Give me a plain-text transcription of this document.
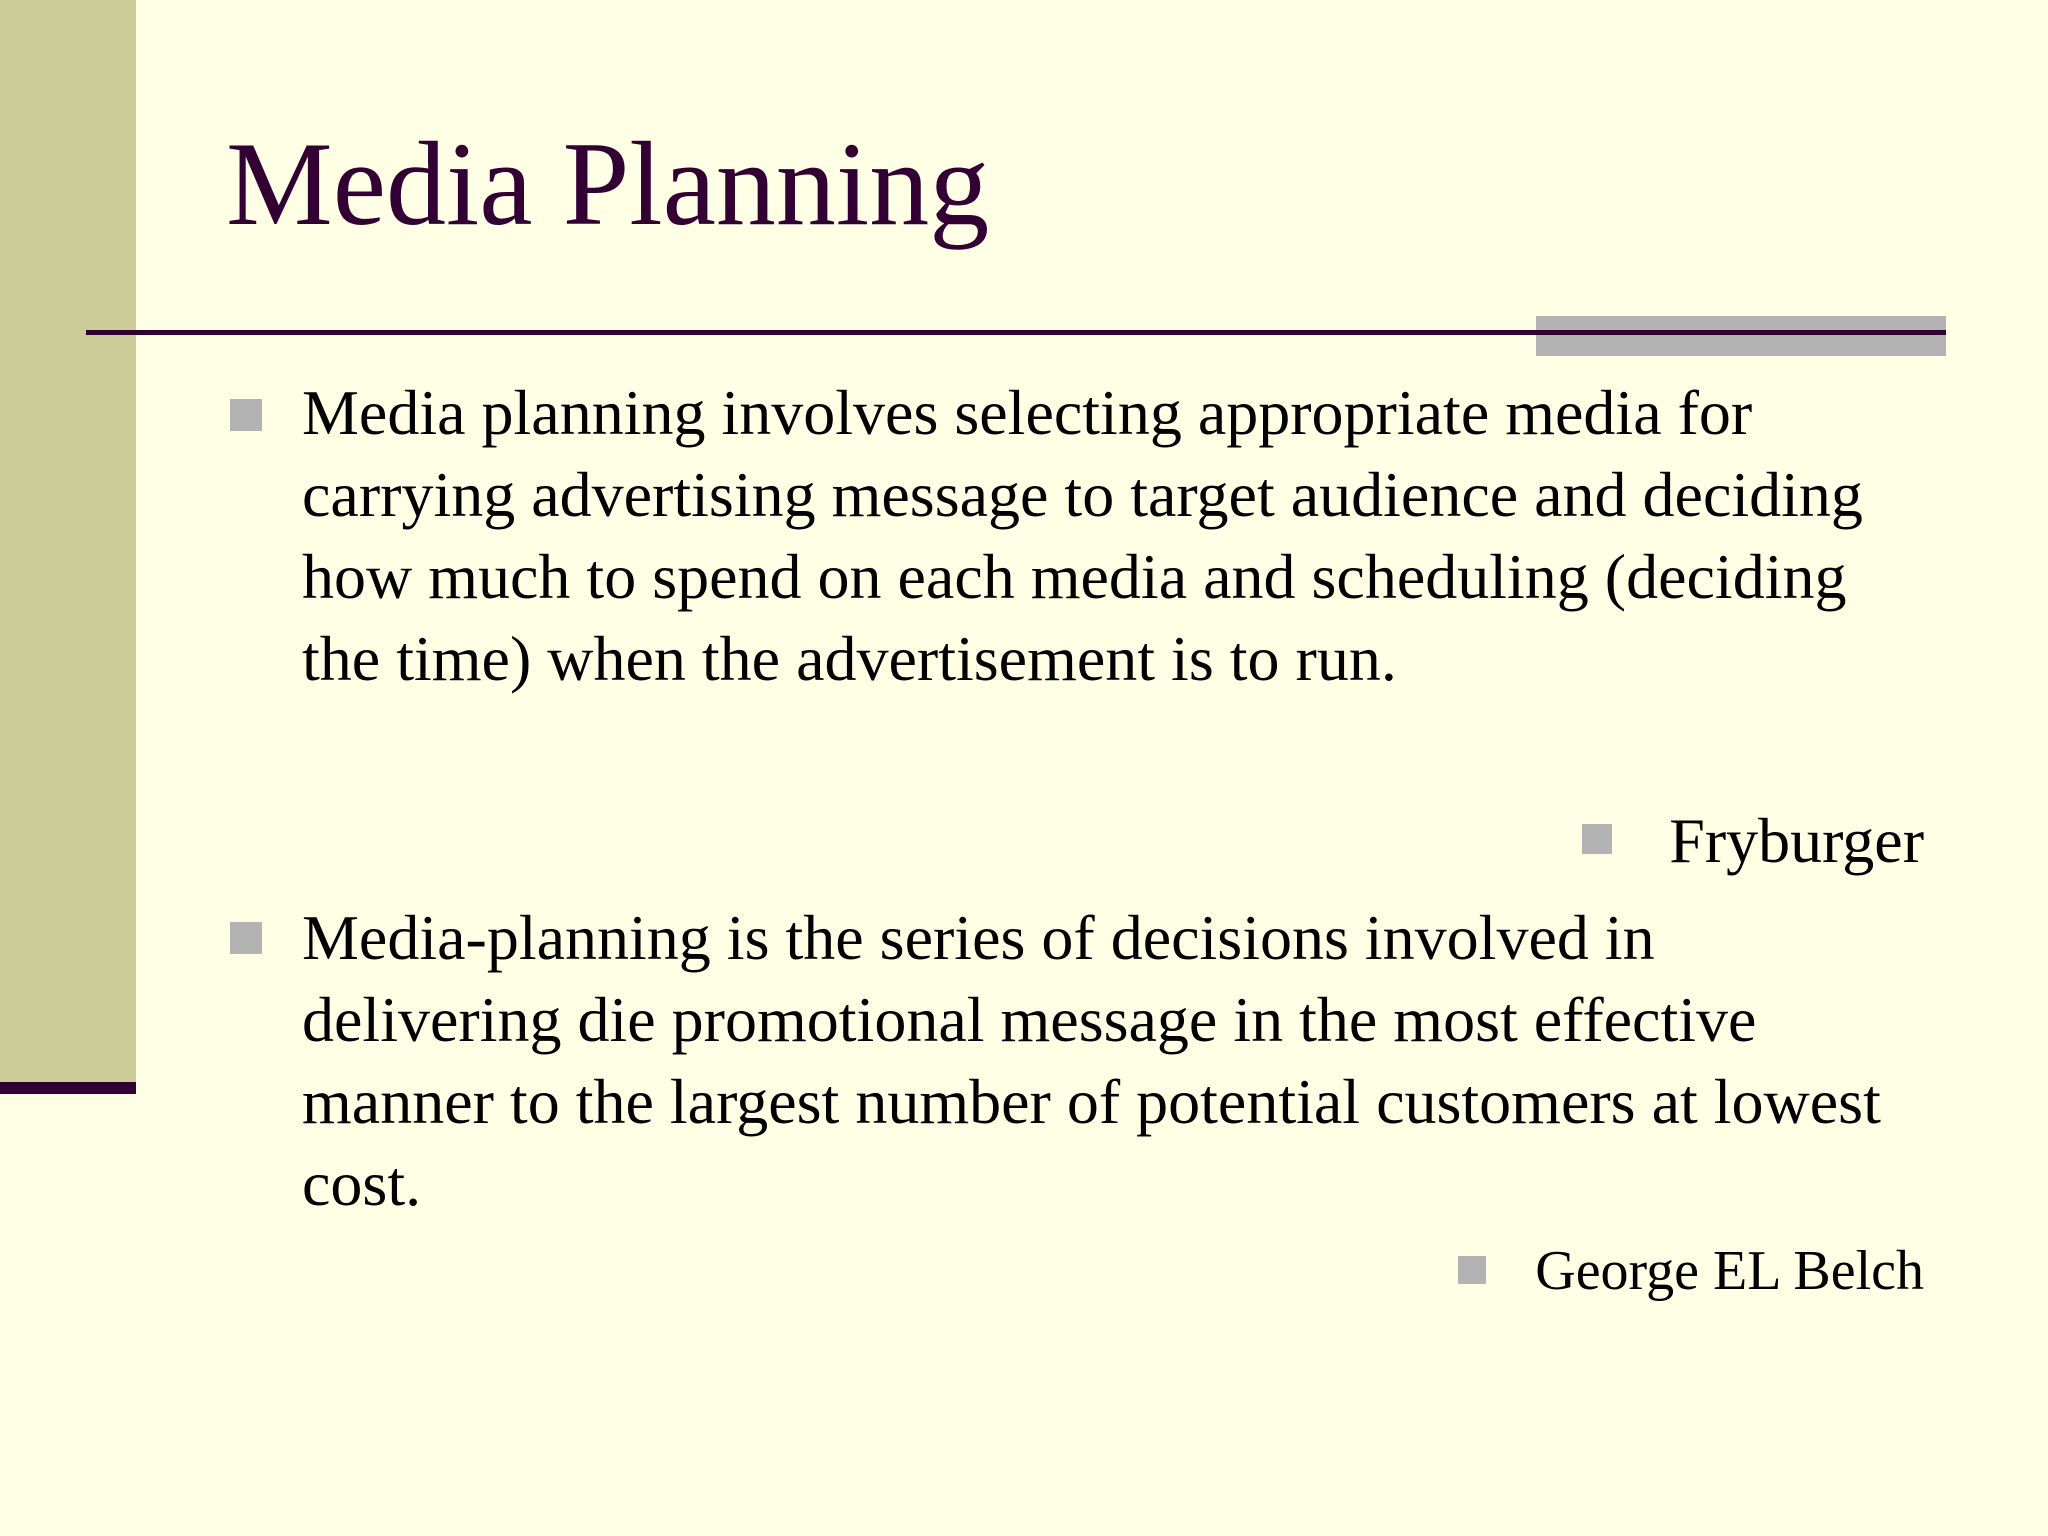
Media Planning

Media planning involves selecting appropriate media for carrying advertising message to target audience and deciding how much to spend on each media and scheduling (deciding the time) when the advertisement is to run.

Fryburger

Media-planning is the series of decisions involved in delivering die promotional message in the most effective manner to the largest number of potential customers at lowest cost.

George EL Belch
